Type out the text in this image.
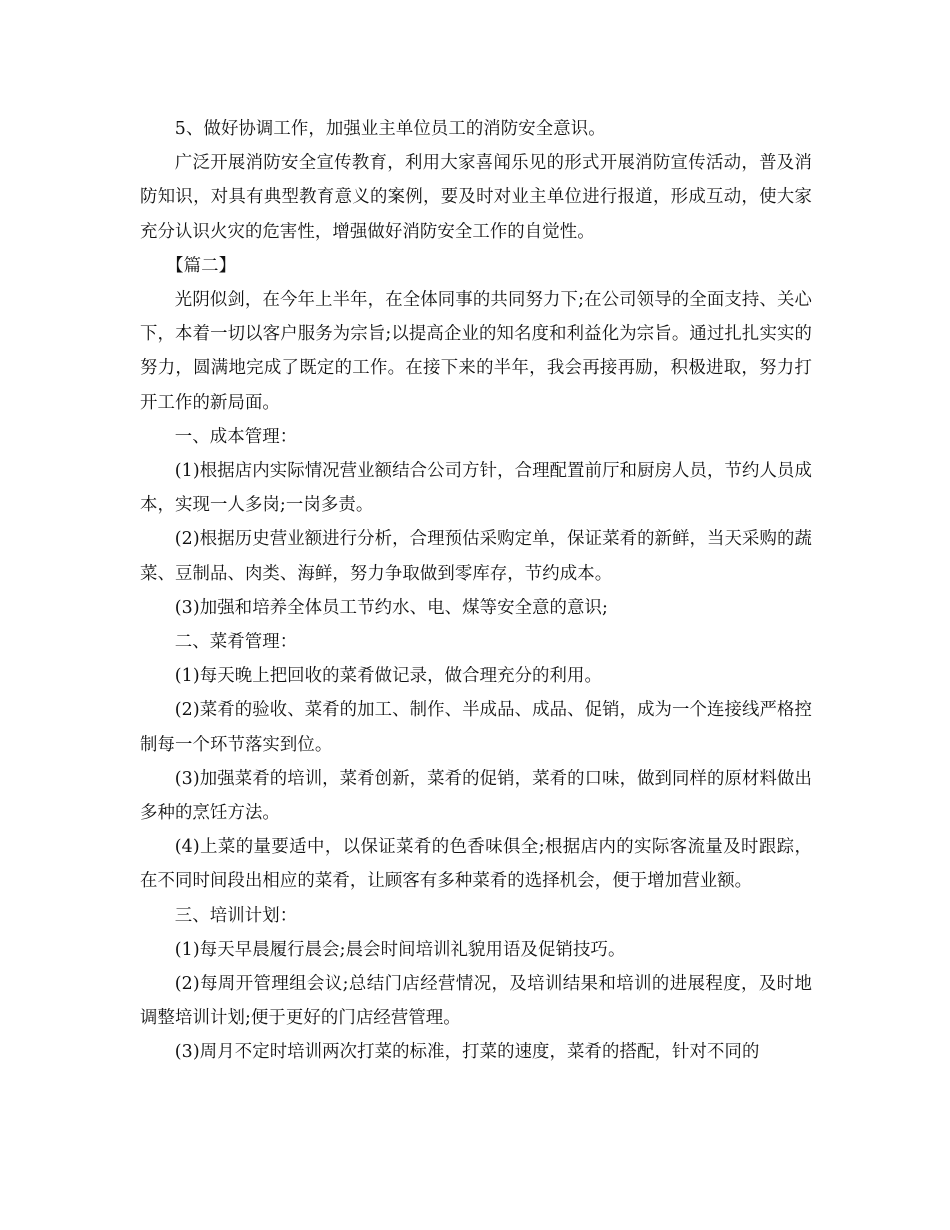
5、做好协调工作，加强业主单位员工的消防安全意识。

广泛开展消防安全宣传教育，利用大家喜闻乐见的形式开展消防宣传活动，普及消防知识，对具有典型教育意义的案例，要及时对业主单位进行报道，形成互动，使大家充分认识火灾的危害性，增强做好消防安全工作的自觉性。

【篇二】

光阴似剑，在今年上半年，在全体同事的共同努力下;在公司领导的全面支持、关心下，本着一切以客户服务为宗旨;以提高企业的知名度和利益化为宗旨。通过扎扎实实的努力，圆满地完成了既定的工作。在接下来的半年，我会再接再励，积极进取，努力打开工作的新局面。

一、成本管理：

(1)根据店内实际情况营业额结合公司方针，合理配置前厅和厨房人员，节约人员成本，实现一人多岗;一岗多责。

(2)根据历史营业额进行分析，合理预估采购定单，保证菜肴的新鲜，当天采购的蔬菜、豆制品、肉类、海鲜，努力争取做到零库存，节约成本。

(3)加强和培养全体员工节约水、电、煤等安全意的意识;

二、菜肴管理：

(1)每天晚上把回收的菜肴做记录，做合理充分的利用。

(2)菜肴的验收、菜肴的加工、制作、半成品、成品、促销，成为一个连接线严格控制每一个环节落实到位。

(3)加强菜肴的培训，菜肴创新，菜肴的促销，菜肴的口味，做到同样的原材料做出多种的烹饪方法。

(4)上菜的量要适中，以保证菜肴的色香味俱全;根据店内的实际客流量及时跟踪，在不同时间段出相应的菜肴，让顾客有多种菜肴的选择机会，便于增加营业额。

三、培训计划：

(1)每天早晨履行晨会;晨会时间培训礼貌用语及促销技巧。

(2)每周开管理组会议;总结门店经营情况，及培训结果和培训的进展程度，及时地调整培训计划;便于更好的门店经营管理。

(3)周月不定时培训两次打菜的标准，打菜的速度，菜肴的搭配，针对不同的
